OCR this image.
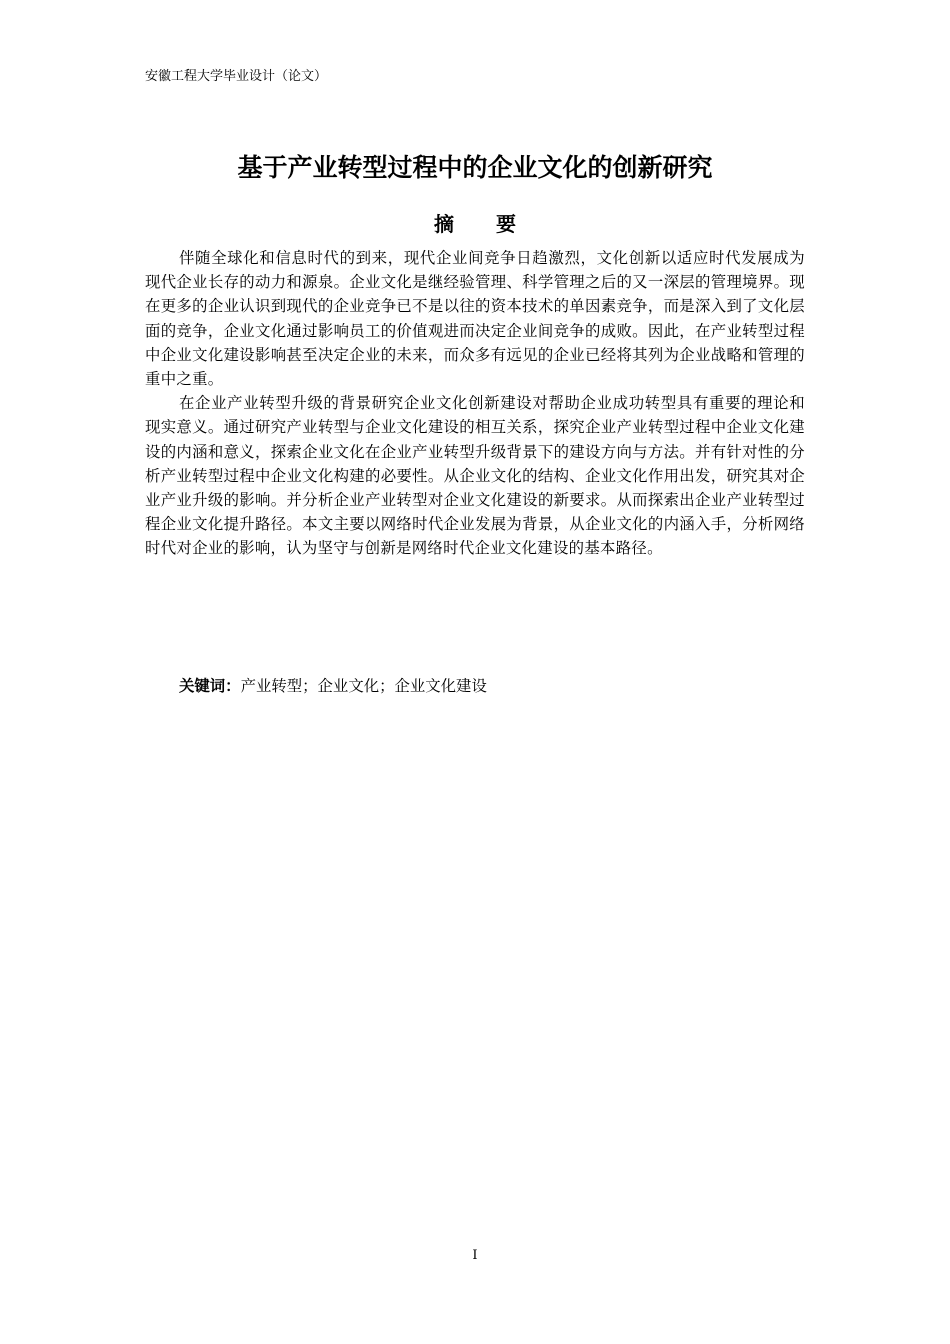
安徽工程大学毕业设计（论文）
基于产业转型过程中的企业文化的创新研究
摘要

伴随全球化和信息时代的到来，现代企业间竞争日趋激烈，文化创新以适应时代发展成为现代企业长存的动力和源泉。企业文化是继经验管理、科学管理之后的又一深层的管理境界。现在更多的企业认识到现代的企业竞争已不是以往的资本技术的单因素竞争，而是深入到了文化层面的竞争，企业文化通过影响员工的价值观进而决定企业间竞争的成败。因此，在产业转型过程中企业文化建设影响甚至决定企业的未来，而众多有远见的企业已经将其列为企业战略和管理的重中之重。

在企业产业转型升级的背景研究企业文化创新建设对帮助企业成功转型具有重要的理论和现实意义。通过研究产业转型与企业文化建设的相互关系，探究企业产业转型过程中企业文化建设的内涵和意义，探索企业文化在企业产业转型升级背景下的建设方向与方法。并有针对性的分析产业转型过程中企业文化构建的必要性。从企业文化的结构、企业文化作用出发，研究其对企业产业升级的影响。并分析企业产业转型对企业文化建设的新要求。从而探索出企业产业转型过程企业文化提升路径。本文主要以网络时代企业发展为背景，从企业文化的内涵入手，分析网络时代对企业的影响，认为坚守与创新是网络时代企业文化建设的基本路径。

关键词：产业转型；企业文化；企业文化建设
I
